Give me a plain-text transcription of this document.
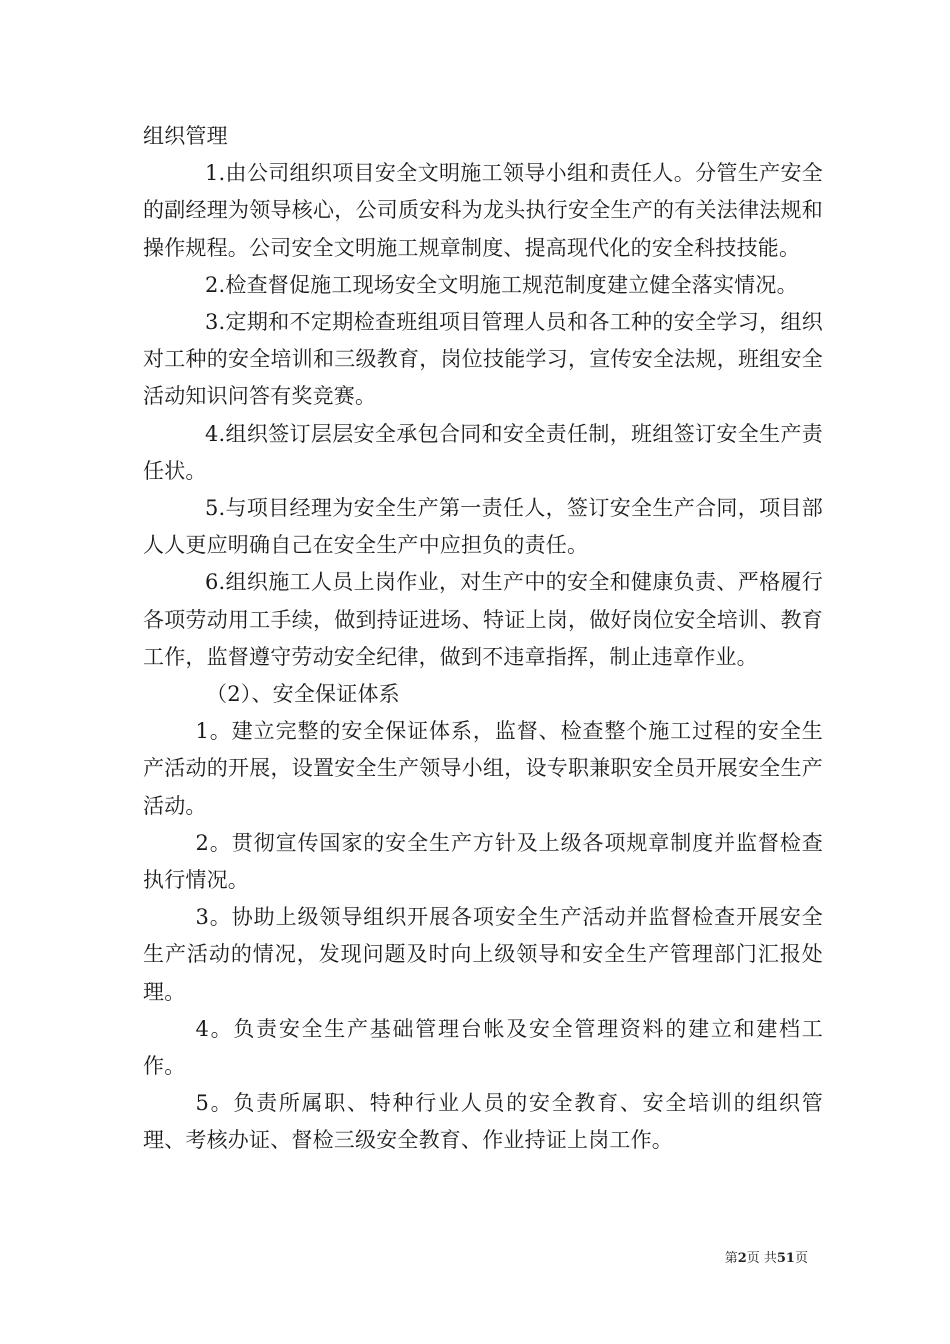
组织管理

1.由公司组织项目安全文明施工领导小组和责任人。分管生产安全的副经理为领导核心，公司质安科为龙头执行安全生产的有关法律法规和操作规程。公司安全文明施工规章制度、提高现代化的安全科技技能。

2.检查督促施工现场安全文明施工规范制度建立健全落实情况。

3.定期和不定期检查班组项目管理人员和各工种的安全学习，组织对工种的安全培训和三级教育，岗位技能学习，宣传安全法规，班组安全活动知识问答有奖竞赛。

4.组织签订层层安全承包合同和安全责任制，班组签订安全生产责任状。

5.与项目经理为安全生产第一责任人，签订安全生产合同，项目部人人更应明确自己在安全生产中应担负的责任。

6.组织施工人员上岗作业，对生产中的安全和健康负责、严格履行各项劳动用工手续，做到持证进场、特证上岗，做好岗位安全培训、教育工作，监督遵守劳动安全纪律，做到不违章指挥，制止违章作业。

（2）、安全保证体系

1。建立完整的安全保证体系，监督、检查整个施工过程的安全生产活动的开展，设置安全生产领导小组，设专职兼职安全员开展安全生产活动。

2。贯彻宣传国家的安全生产方针及上级各项规章制度并监督检查执行情况。

3。协助上级领导组织开展各项安全生产活动并监督检查开展安全生产活动的情况，发现问题及时向上级领导和安全生产管理部门汇报处理。

4。负责安全生产基础管理台帐及安全管理资料的建立和建档工作。

5。负责所属职、特种行业人员的安全教育、安全培训的组织管理、考核办证、督检三级安全教育、作业持证上岗工作。

第2页 共51页
